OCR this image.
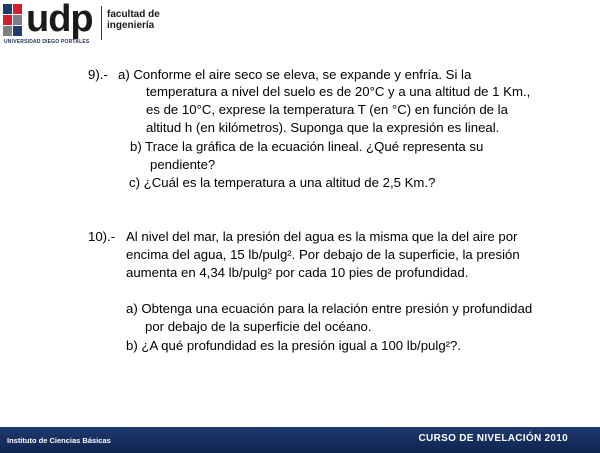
udp
UNIVERSIDAD DIEGO PORTALES
facultad de
ingeniería
9).- a) Conforme el aire seco se eleva, se expande y enfría. Si la
temperatura a nivel del suelo es de 20°C y a una altitud de 1 Km.,
es de 10°C, exprese la temperatura T (en °C) en función de la
altitud h (en kilómetros). Suponga que la expresión es lineal.
b) Trace la gráfica de la ecuación lineal. ¿Qué representa su
pendiente?
c) ¿Cuál es la temperatura a una altitud de 2,5 Km.?
10).- Al nivel del mar, la presión del agua es la misma que la del aire por
encima del agua, 15 lb/pulg². Por debajo de la superficie, la presión
aumenta en 4,34 lb/pulg² por cada 10 pies de profundidad.
a) Obtenga una ecuación para la relación entre presión y profundidad
por debajo de la superficie del océano.
b) ¿A qué profundidad es la presión igual a 100 lb/pulg²?.
Instituto de Ciencias Básicas	CURSO DE NIVELACIÓN 2010
